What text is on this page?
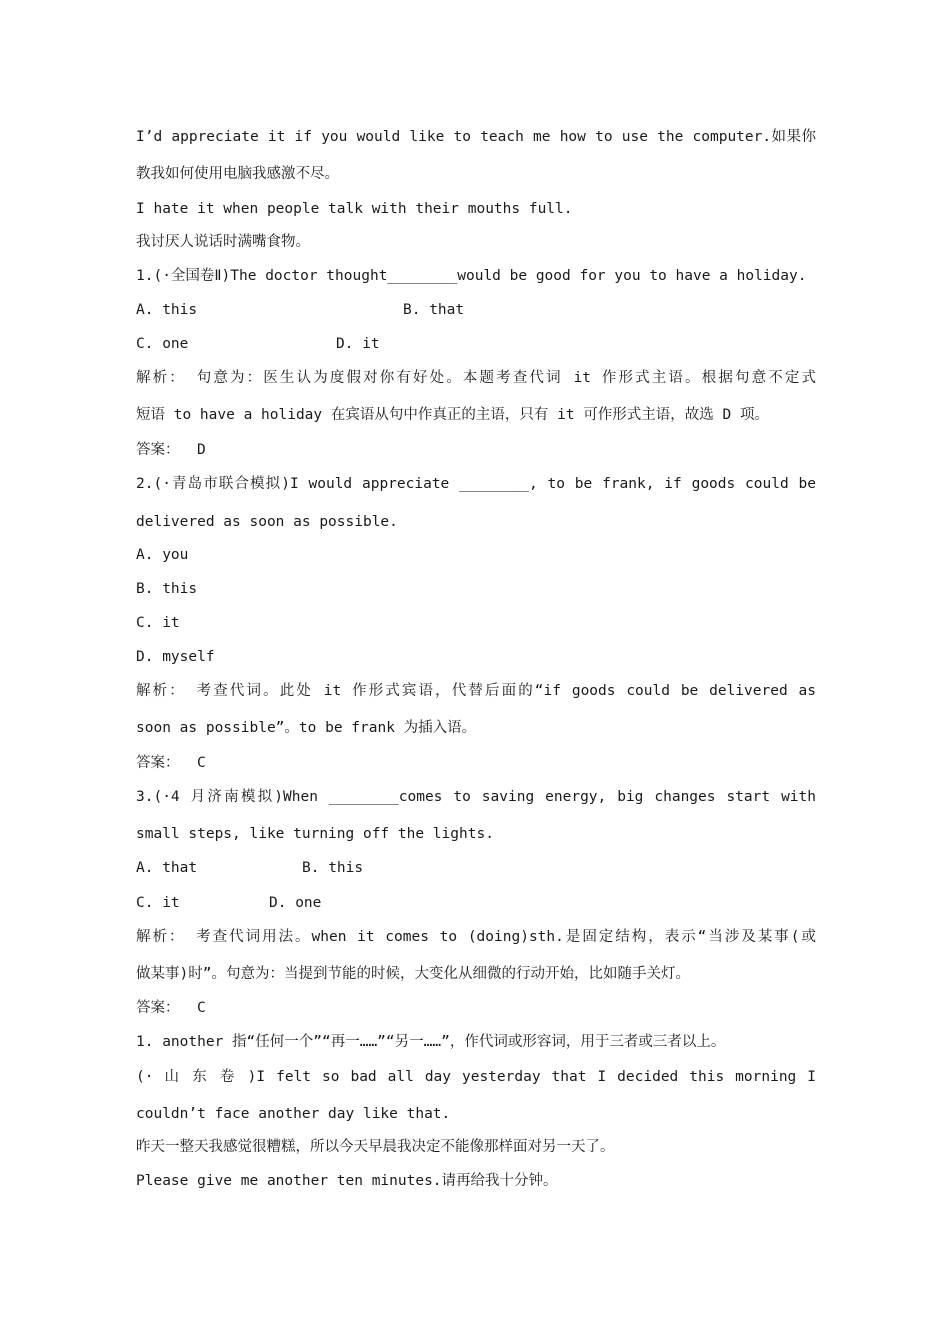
I’d appreciate it if you would like to teach me how to use the computer.如果你
教我如何使用电脑我感激不尽。
I hate it when people talk with their mouths full.
我讨厌人说话时满嘴食物。
1.(·全国卷Ⅱ)The doctor thought________would be good for you to have a holiday.
A. this	B. that
C. one	D. it
解析： 句意为：医生认为度假对你有好处。本题考查代词 it 作形式主语。根据句意不定式
短语 to have a holiday 在宾语从句中作真正的主语，只有 it 可作形式主语，故选 D 项。
答案：  D
2.(·青岛市联合模拟)I would appreciate ________, to be frank, if goods could be
delivered as soon as possible.
A. you
B. this
C. it
D. myself
解析： 考查代词。此处 it 作形式宾语，代替后面的“if goods could be delivered as
soon as possible”。to be frank 为插入语。
答案：  C
3.(·4 月济南模拟)When ________comes to saving energy, big changes start with
small steps, like turning off the lights.
A. that	B. this
C. it	D. one
解析： 考查代词用法。when it comes to (doing)sth.是固定结构，表示“当涉及某事(或
做某事)时”。句意为：当提到节能的时候，大变化从细微的行动开始，比如随手关灯。
答案：  C
1. another 指“任何一个”“再一……”“另一……”，作代词或形容词，用于三者或三者以上。
(· 山 东 卷 )I felt so bad all day yesterday that I decided this morning I
couldn’t face another day like that.
昨天一整天我感觉很糟糕，所以今天早晨我决定不能像那样面对另一天了。
Please give me another ten minutes.请再给我十分钟。
